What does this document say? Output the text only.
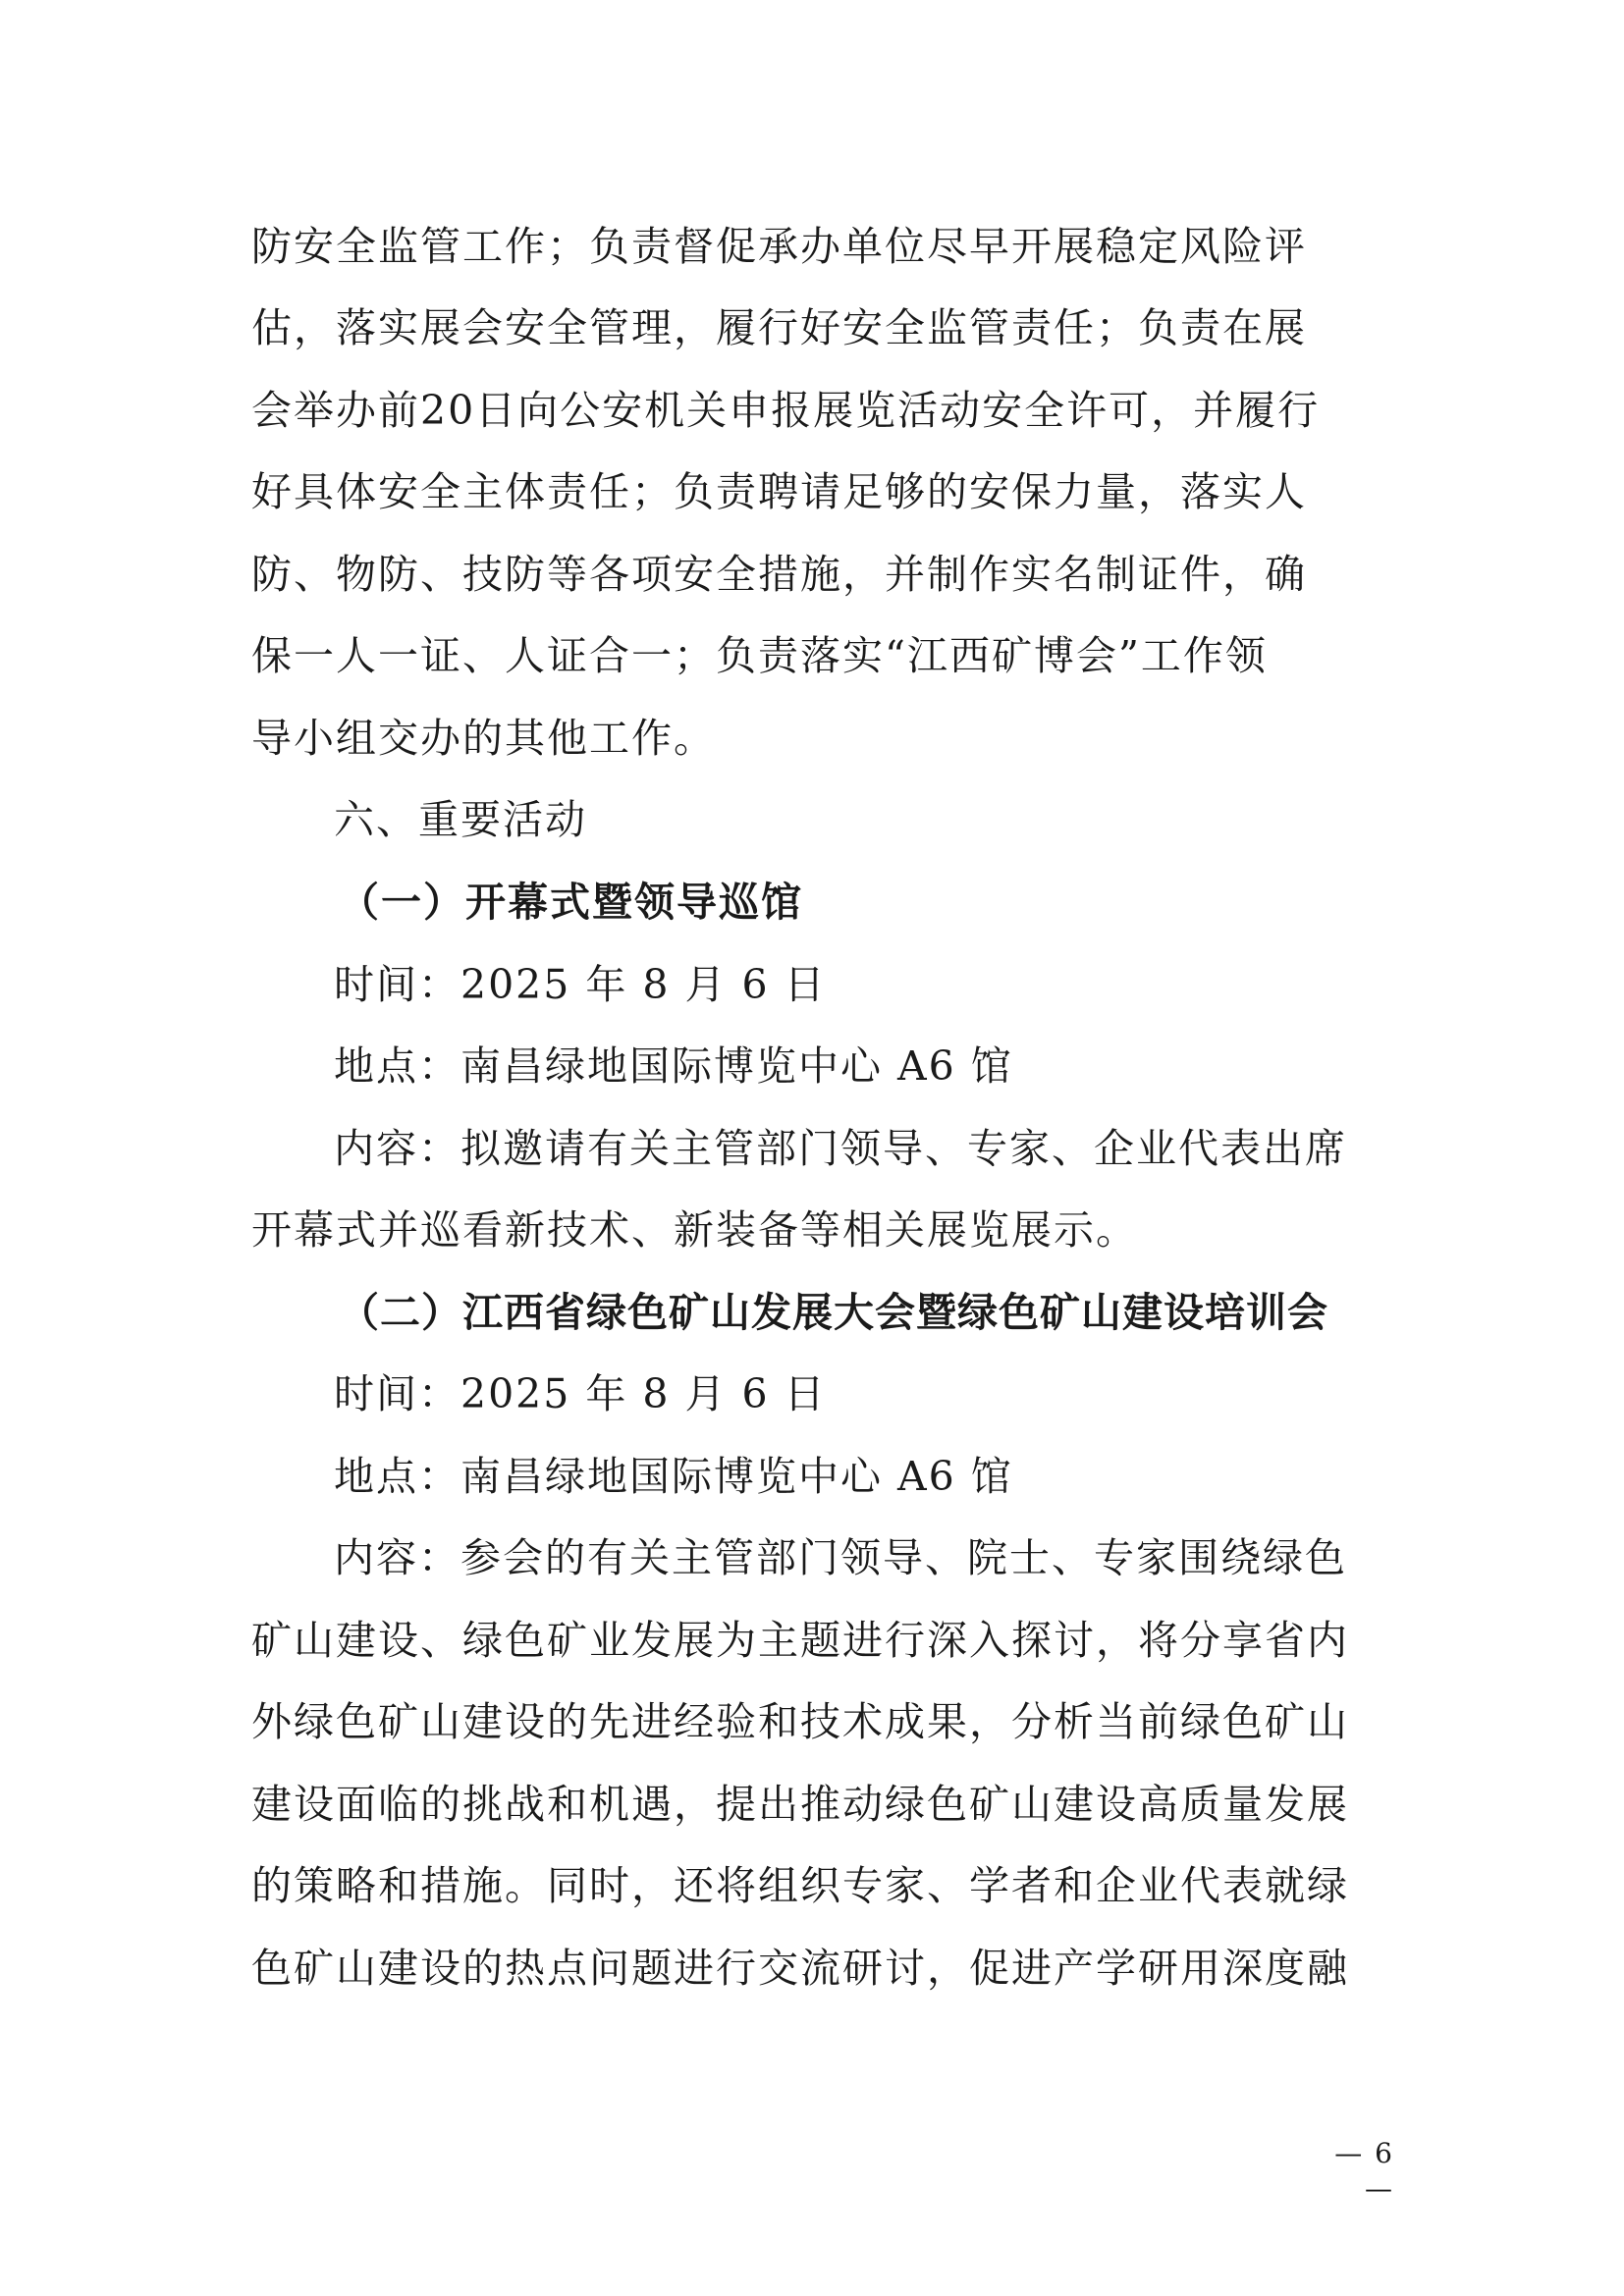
防安全监管工作；负责督促承办单位尽早开展稳定风险评
估，落实展会安全管理，履行好安全监管责任；负责在展
会举办前20日向公安机关申报展览活动安全许可，并履行
好具体安全主体责任；负责聘请足够的安保力量，落实人
防、物防、技防等各项安全措施，并制作实名制证件，确
保一人一证、人证合一；负责落实“江西矿博会”工作领
导小组交办的其他工作。
六、重要活动
（一）开幕式暨领导巡馆
时间：2025 年 8 月 6 日
地点：南昌绿地国际博览中心 A6 馆
内容：拟邀请有关主管部门领导、专家、企业代表出席
开幕式并巡看新技术、新装备等相关展览展示。
（二）江西省绿色矿山发展大会暨绿色矿山建设培训会
时间：2025 年 8 月 6 日
地点：南昌绿地国际博览中心 A6 馆
内容：参会的有关主管部门领导、院士、专家围绕绿色
矿山建设、绿色矿业发展为主题进行深入探讨，将分享省内
外绿色矿山建设的先进经验和技术成果，分析当前绿色矿山
建设面临的挑战和机遇，提出推动绿色矿山建设高质量发展
的策略和措施。同时，还将组织专家、学者和企业代表就绿
色矿山建设的热点问题进行交流研讨，促进产学研用深度融
— 6 —
